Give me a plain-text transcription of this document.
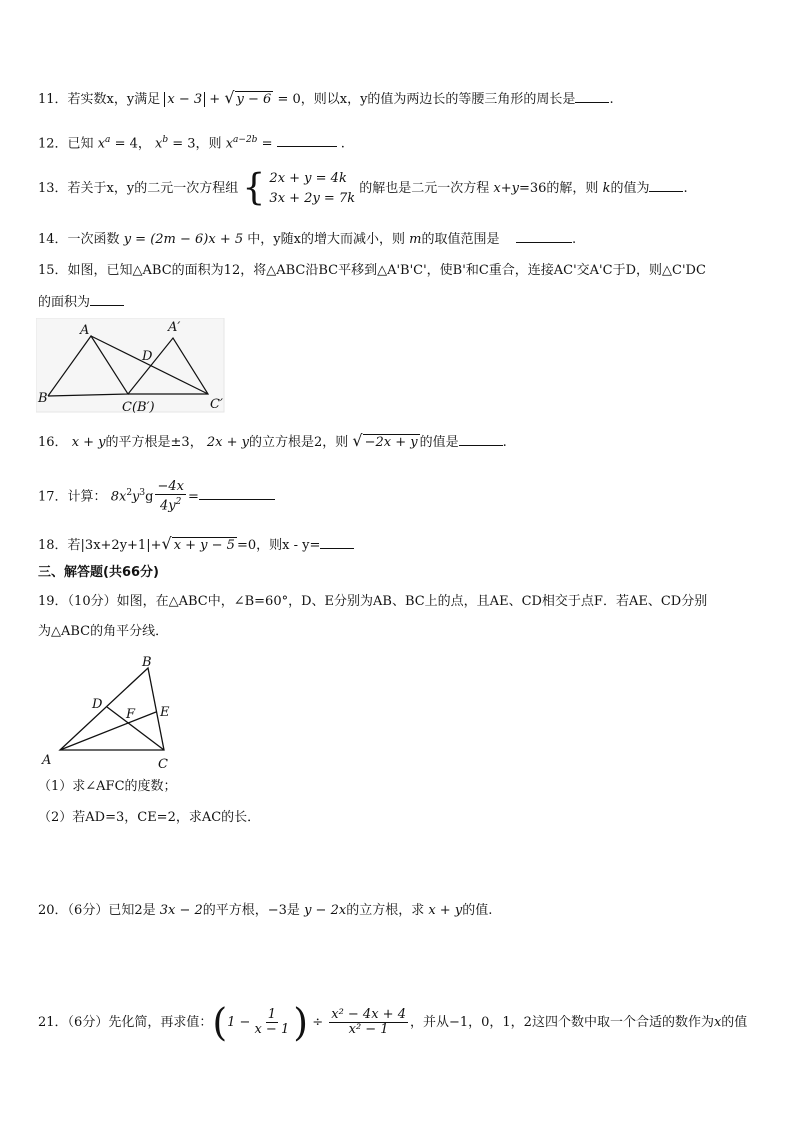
11．若实数x，y满足 x − 3 + √ y − 6 = 0，则以x，y的值为两边长的等腰三角形的周长是	.
12．已知 $x^a = 4$， $x^b = 3$，则 $x^{a-2b}$ =	.
13．若关于x，y的二元一次方程组 { 2x + y = 4k
3x + 2y = 7k
的解也是二元一次方程 x+y=36的解，则 k的值为	.
14．一次函数 y = (2m − 6)x + 5 中，y随x的增大而减小，则 m的取值范围是	.
15．如图，已知△ABC的面积为12，将△ABC沿BC平移到△A'B'C'，使B'和C重合，连接AC'交A'C于D，则△C'DC
的面积为
A	A′
D
B
C(B′)	C′
16． x + y的平方根是±3， 2x + y的立方根是2，则 √ −2x + y 的值是	.
17．计算： $8x^2y^3g \frac{-4x}{4y^2}$ =
18．若|3x+2y+1|+√ x + y − 5 =0，则x - y=
三、解答题(共66分)
19．（10分）如图，在△ABC中，∠B=60°，D、E分别为AB、BC上的点，且AE、CD相交于点F．若AE、CD分别
为△ABC的角平分线．
B
D
F E
A	C
（1）求∠AFC的度数；
（2）若AD=3，CE=2，求AC的长．
20．（6分）已知2是 3x − 2的平方根，−3是 y − 2x的立方根，求 x + y的值.
21．（6分）先化简，再求值：($1 - \frac{1}{x - 1}$ ) ÷ $\frac{\text{x² − 4x + 4}}{\text{x² − 1}}$ ，并从−1，0，1，2这四个数中取一个合适的数作为x的值
